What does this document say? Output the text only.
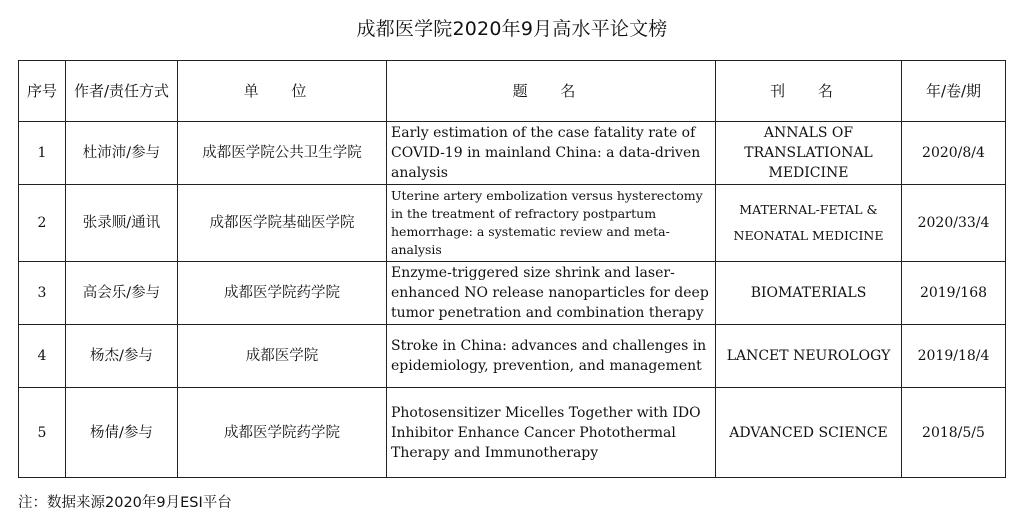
成都医学院2020年9月高水平论文榜
序号	作者/责任方式	单 位	题 名	刊 名	年/卷/期
1	杜沛沛/参与	成都医学院公共卫生学院	Early estimation of the case fatality rate of COVID-19 in mainland China: a data-driven analysis	ANNALS OF TRANSLATIONAL MEDICINE	2020/8/4
2	张录顺/通讯	成都医学院基础医学院	Uterine artery embolization versus hysterectomy in the treatment of refractory postpartum hemorrhage: a systematic review and meta-analysis	MATERNAL-FETAL & NEONATAL MEDICINE	2020/33/4
3	高会乐/参与	成都医学院药学院	Enzyme-triggered size shrink and laser-enhanced NO release nanoparticles for deep tumor penetration and combination therapy	BIOMATERIALS	2019/168
4	杨杰/参与	成都医学院	Stroke in China: advances and challenges in epidemiology, prevention, and management	LANCET NEUROLOGY	2019/18/4
5	杨倩/参与	成都医学院药学院	Photosensitizer Micelles Together with IDO Inhibitor Enhance Cancer Photothermal Therapy and Immunotherapy	ADVANCED SCIENCE	2018/5/5
注：数据来源2020年9月ESI平台
